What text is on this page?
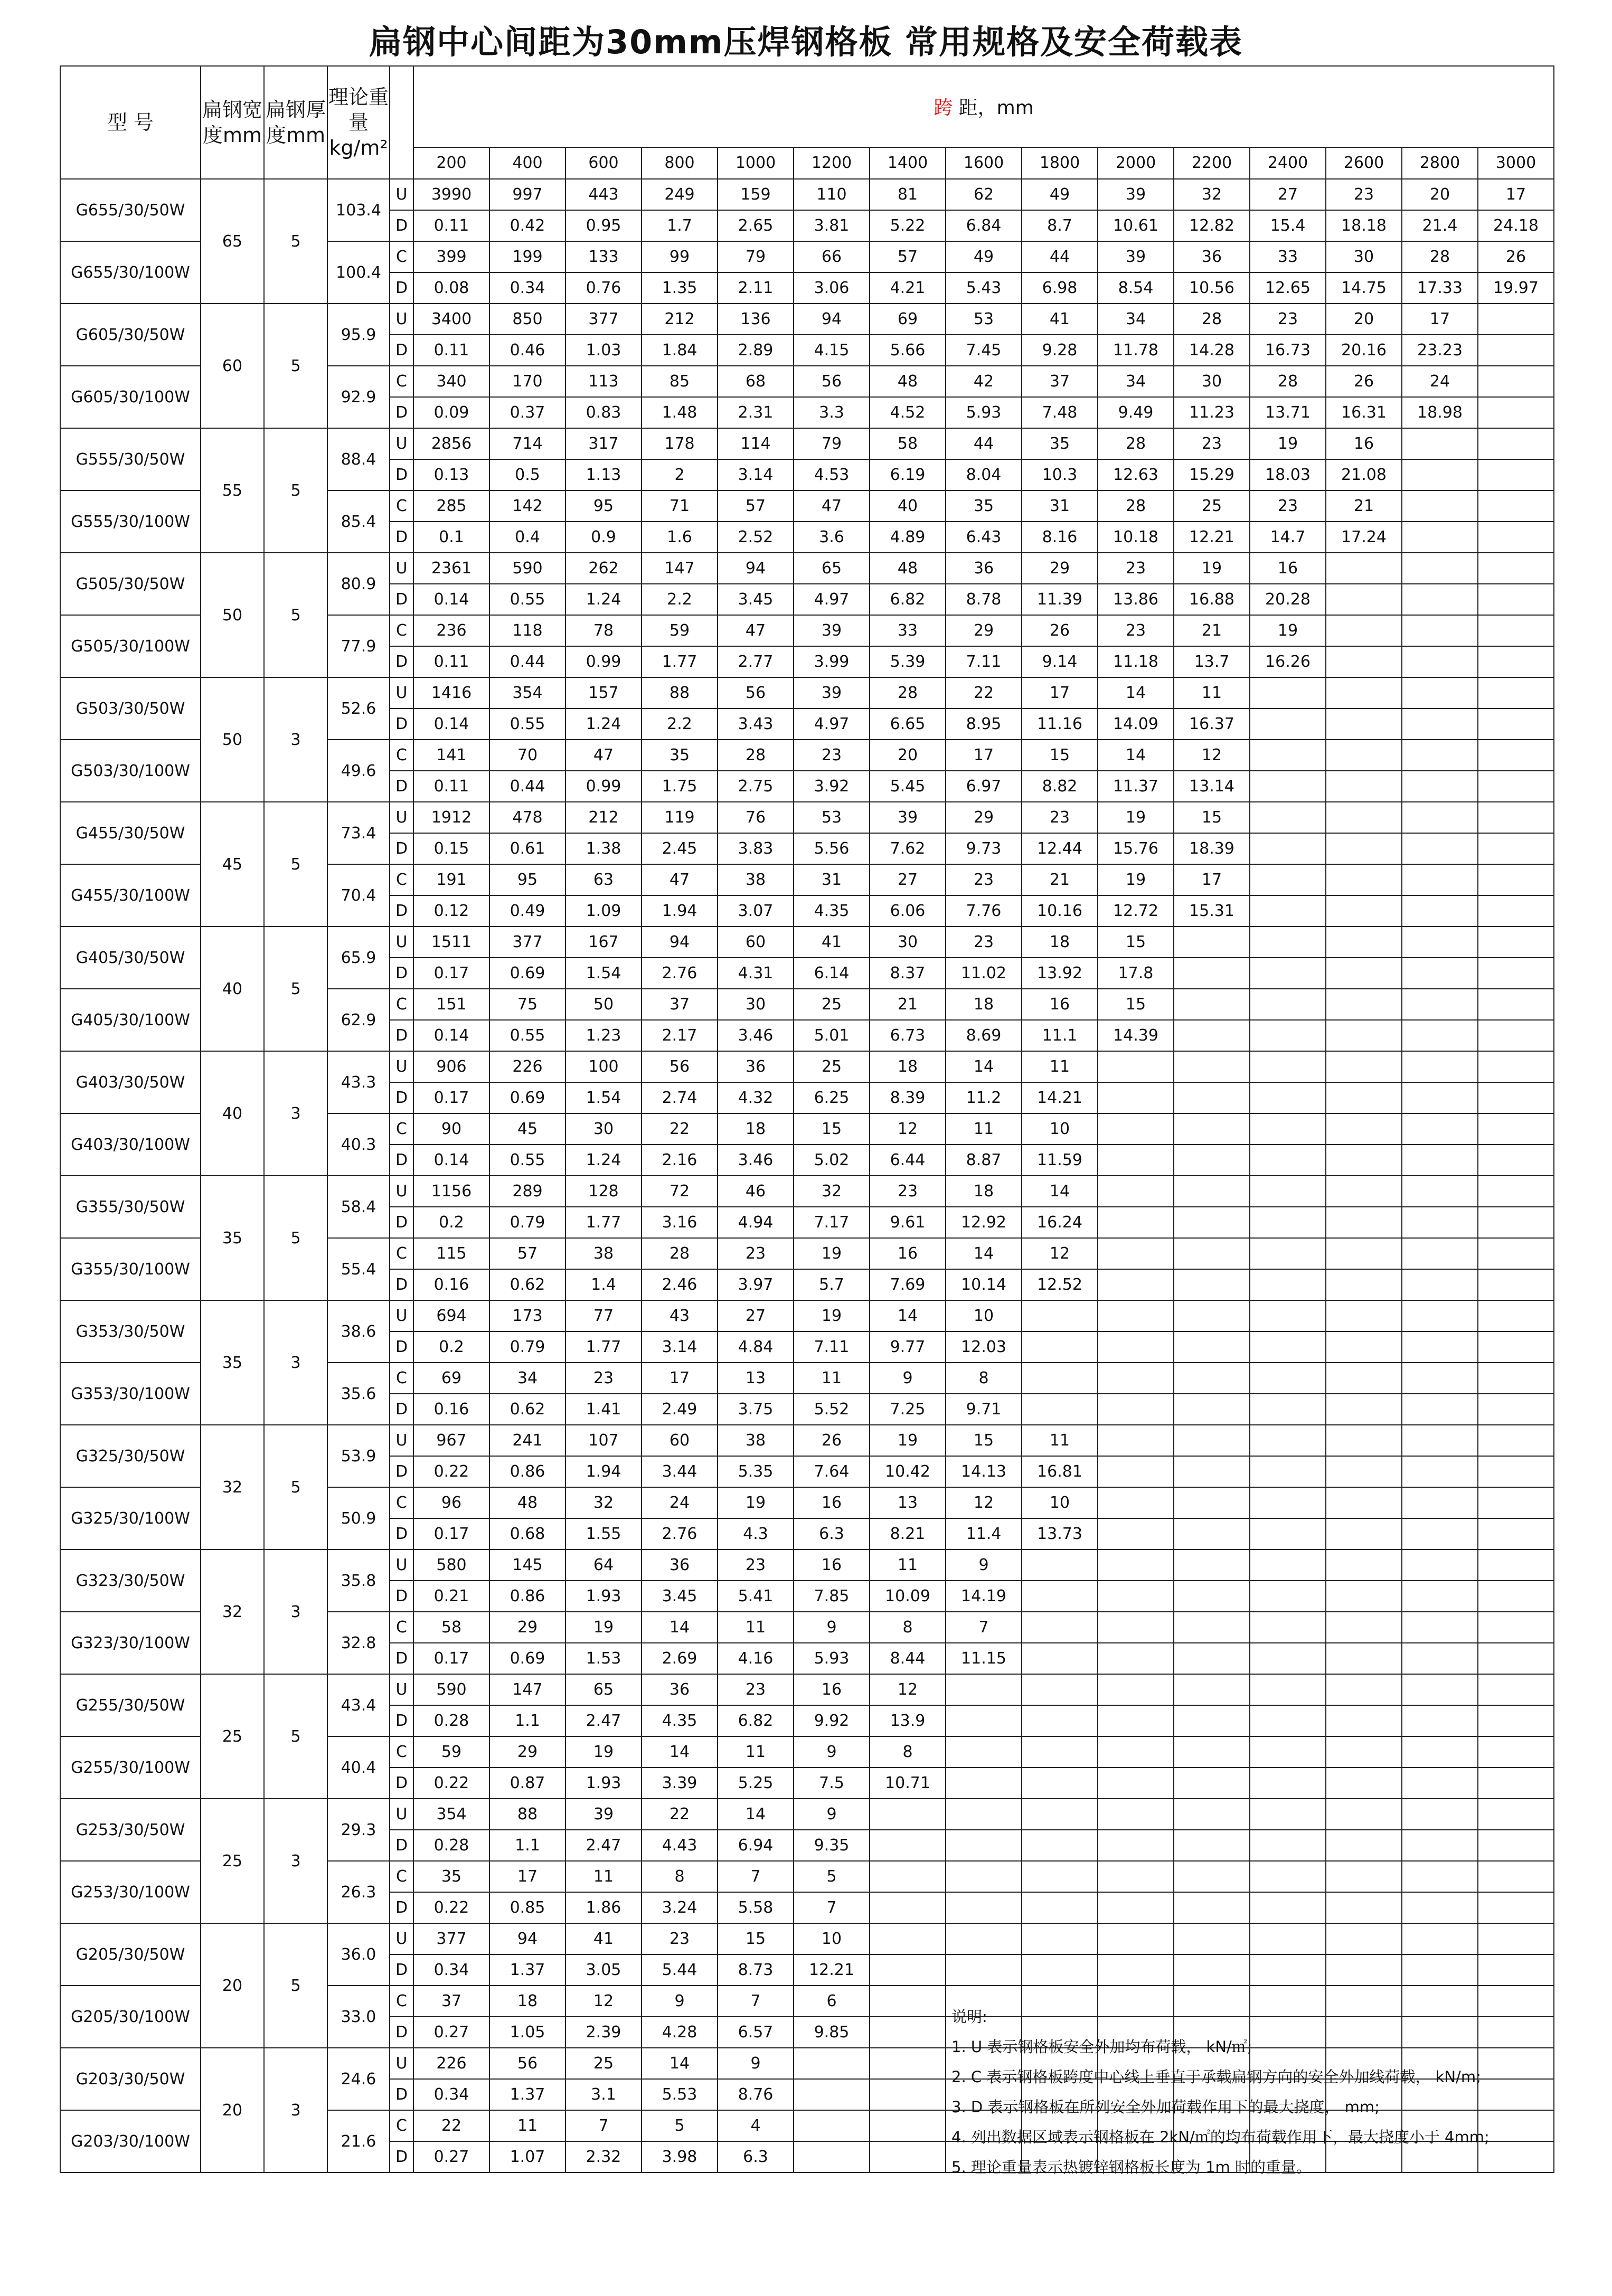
扁钢中心间距为30mm压焊钢格板 常用规格及安全荷载表
型 号	扁钢宽度mm	扁钢厚度mm	理论重量kg/m²		跨 距，mm														
					200	400	600	800	1000	1200	1400	1600	1800	2000	2200	2400	2600	2800	3000
G655/30/50W	65	5	103.4	U	3990	997	443	249	159	110	81	62	49	39	32	27	23	20	17
				D	0.11	0.42	0.95	1.7	2.65	3.81	5.22	6.84	8.7	10.61	12.82	15.4	18.18	21.4	24.18
G655/30/100W			100.4	C	399	199	133	99	79	66	57	49	44	39	36	33	30	28	26
				D	0.08	0.34	0.76	1.35	2.11	3.06	4.21	5.43	6.98	8.54	10.56	12.65	14.75	17.33	19.97
G605/30/50W	60	5	95.9	U	3400	850	377	212	136	94	69	53	41	34	28	23	20	17	
				D	0.11	0.46	1.03	1.84	2.89	4.15	5.66	7.45	9.28	11.78	14.28	16.73	20.16	23.23	
G605/30/100W			92.9	C	340	170	113	85	68	56	48	42	37	34	30	28	26	24	
				D	0.09	0.37	0.83	1.48	2.31	3.3	4.52	5.93	7.48	9.49	11.23	13.71	16.31	18.98	
G555/30/50W	55	5	88.4	U	2856	714	317	178	114	79	58	44	35	28	23	19	16		
				D	0.13	0.5	1.13	2	3.14	4.53	6.19	8.04	10.3	12.63	15.29	18.03	21.08		
G555/30/100W			85.4	C	285	142	95	71	57	47	40	35	31	28	25	23	21		
				D	0.1	0.4	0.9	1.6	2.52	3.6	4.89	6.43	8.16	10.18	12.21	14.7	17.24		
G505/30/50W	50	5	80.9	U	2361	590	262	147	94	65	48	36	29	23	19	16			
				D	0.14	0.55	1.24	2.2	3.45	4.97	6.82	8.78	11.39	13.86	16.88	20.28			
G505/30/100W			77.9	C	236	118	78	59	47	39	33	29	26	23	21	19			
				D	0.11	0.44	0.99	1.77	2.77	3.99	5.39	7.11	9.14	11.18	13.7	16.26			
G503/30/50W	50	3	52.6	U	1416	354	157	88	56	39	28	22	17	14	11				
				D	0.14	0.55	1.24	2.2	3.43	4.97	6.65	8.95	11.16	14.09	16.37				
G503/30/100W			49.6	C	141	70	47	35	28	23	20	17	15	14	12				
				D	0.11	0.44	0.99	1.75	2.75	3.92	5.45	6.97	8.82	11.37	13.14				
G455/30/50W	45	5	73.4	U	1912	478	212	119	76	53	39	29	23	19	15				
				D	0.15	0.61	1.38	2.45	3.83	5.56	7.62	9.73	12.44	15.76	18.39				
G455/30/100W			70.4	C	191	95	63	47	38	31	27	23	21	19	17				
				D	0.12	0.49	1.09	1.94	3.07	4.35	6.06	7.76	10.16	12.72	15.31				
G405/30/50W	40	5	65.9	U	1511	377	167	94	60	41	30	23	18	15					
				D	0.17	0.69	1.54	2.76	4.31	6.14	8.37	11.02	13.92	17.8					
G405/30/100W			62.9	C	151	75	50	37	30	25	21	18	16	15					
				D	0.14	0.55	1.23	2.17	3.46	5.01	6.73	8.69	11.1	14.39					
G403/30/50W	40	3	43.3	U	906	226	100	56	36	25	18	14	11						
				D	0.17	0.69	1.54	2.74	4.32	6.25	8.39	11.2	14.21						
G403/30/100W			40.3	C	90	45	30	22	18	15	12	11	10						
				D	0.14	0.55	1.24	2.16	3.46	5.02	6.44	8.87	11.59						
G355/30/50W	35	5	58.4	U	1156	289	128	72	46	32	23	18	14						
				D	0.2	0.79	1.77	3.16	4.94	7.17	9.61	12.92	16.24						
G355/30/100W			55.4	C	115	57	38	28	23	19	16	14	12						
				D	0.16	0.62	1.4	2.46	3.97	5.7	7.69	10.14	12.52						
G353/30/50W	35	3	38.6	U	694	173	77	43	27	19	14	10							
				D	0.2	0.79	1.77	3.14	4.84	7.11	9.77	12.03							
G353/30/100W			35.6	C	69	34	23	17	13	11	9	8							
				D	0.16	0.62	1.41	2.49	3.75	5.52	7.25	9.71							
G325/30/50W	32	5	53.9	U	967	241	107	60	38	26	19	15	11						
				D	0.22	0.86	1.94	3.44	5.35	7.64	10.42	14.13	16.81						
G325/30/100W			50.9	C	96	48	32	24	19	16	13	12	10						
				D	0.17	0.68	1.55	2.76	4.3	6.3	8.21	11.4	13.73						
G323/30/50W	32	3	35.8	U	580	145	64	36	23	16	11	9							
				D	0.21	0.86	1.93	3.45	5.41	7.85	10.09	14.19							
G323/30/100W			32.8	C	58	29	19	14	11	9	8	7							
				D	0.17	0.69	1.53	2.69	4.16	5.93	8.44	11.15							
G255/30/50W	25	5	43.4	U	590	147	65	36	23	16	12								
				D	0.28	1.1	2.47	4.35	6.82	9.92	13.9								
G255/30/100W			40.4	C	59	29	19	14	11	9	8								
				D	0.22	0.87	1.93	3.39	5.25	7.5	10.71								
G253/30/50W	25	3	29.3	U	354	88	39	22	14	9									
				D	0.28	1.1	2.47	4.43	6.94	9.35									
G253/30/100W			26.3	C	35	17	11	8	7	5									
				D	0.22	0.85	1.86	3.24	5.58	7									
G205/30/50W	20	5	36.0	U	377	94	41	23	15	10									
				D	0.34	1.37	3.05	5.44	8.73	12.21									
G205/30/100W			33.0	C	37	18	12	9	7	6									
				D	0.27	1.05	2.39	4.28	6.57	9.85									
G203/30/50W	20	3	24.6	U	226	56	25	14	9										
				D	0.34	1.37	3.1	5.53	8.76										
G203/30/100W			21.6	C	22	11	7	5	4										
				D	0.27	1.07	2.32	3.98	6.3										
说明:
1. U 表示钢格板安全外加均布荷载， kN/㎡;
2. C 表示钢格板跨度中心线上垂直于承载扁钢方向的安全外加线荷载， kN/m;
3. D 表示钢格板在所列安全外加荷载作用下的最大挠度， mm;
4. 列出数据区域表示钢格板在 2kN/㎡的均布荷载作用下，最大挠度小于 4mm;
5. 理论重量表示热镀锌钢格板长度为 1m 时的重量。
